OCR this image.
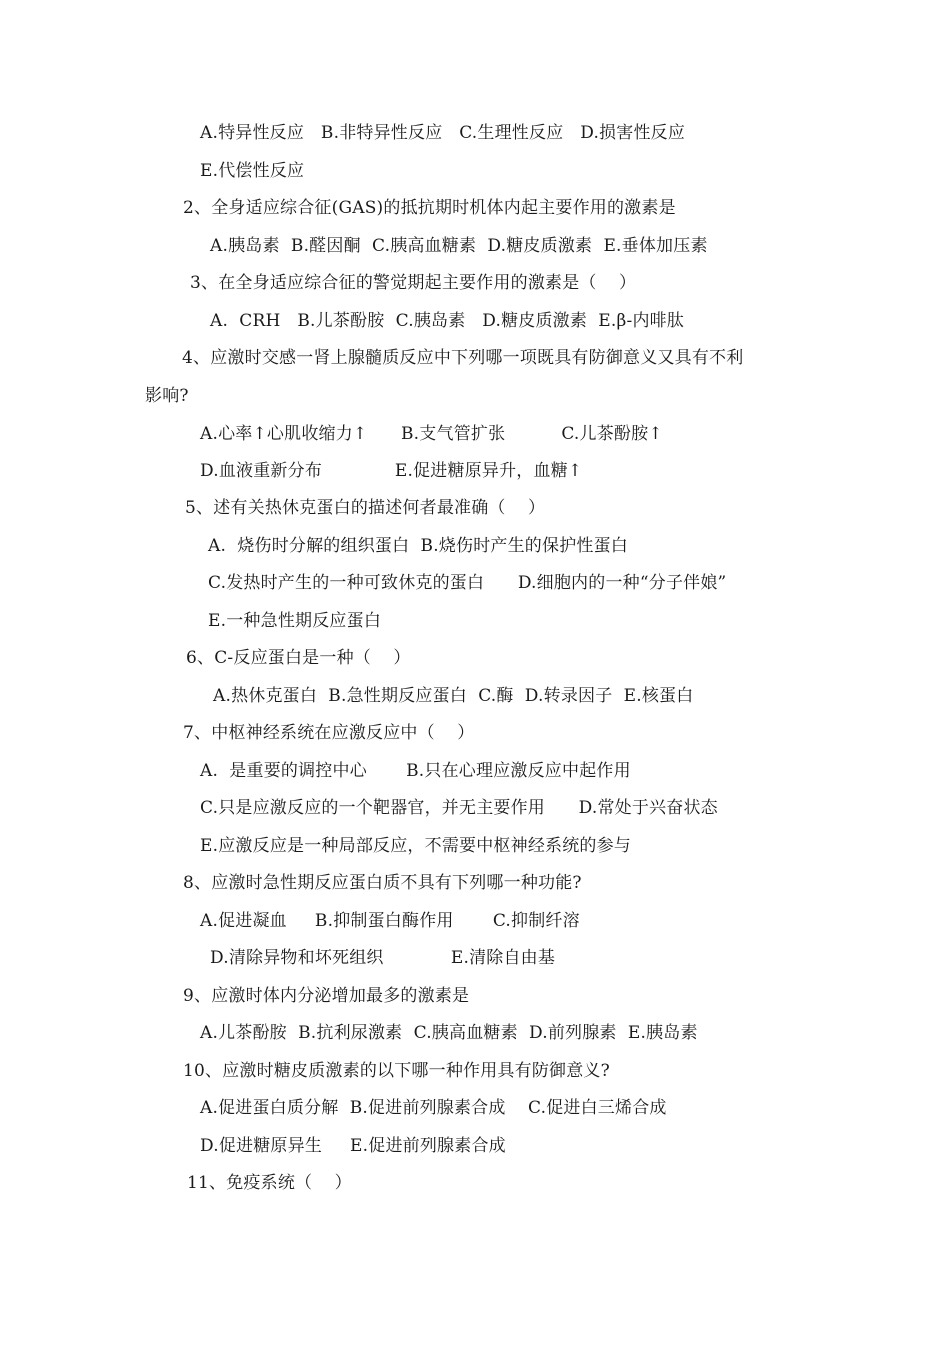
A.特异性反应   B.非特异性反应   C.生理性反应   D.损害性反应
E.代偿性反应
2、全身适应综合征(GAS)的抵抗期时机体内起主要作用的激素是
A.胰岛素  B.醛因酮  C.胰高血糖素  D.糖皮质激素  E.垂体加压素
3、在全身适应综合征的警觉期起主要作用的激素是（    ）
A.  CRH   B.儿茶酚胺  C.胰岛素   D.糖皮质激素  E.β-内啡肽
4、应激时交感一肾上腺髓质反应中下列哪一项既具有防御意义又具有不利
影响?
A.心率↑心肌收缩力↑      B.支气管扩张          C.儿茶酚胺↑
D.血液重新分布             E.促进糖原异升，血糖↑
5、述有关热休克蛋白的描述何者最准确（    ）
A.  烧伤时分解的组织蛋白  B.烧伤时产生的保护性蛋白
C.发热时产生的一种可致休克的蛋白      D.细胞内的一种“分子伴娘”
E.一种急性期反应蛋白
6、C-反应蛋白是一种（    ）
A.热休克蛋白  B.急性期反应蛋白  C.酶  D.转录因子  E.核蛋白
7、中枢神经系统在应激反应中（    ）
A.  是重要的调控中心       B.只在心理应激反应中起作用
C.只是应激反应的一个靶器官，并无主要作用      D.常处于兴奋状态
E.应激反应是一种局部反应，不需要中枢神经系统的参与
8、应激时急性期反应蛋白质不具有下列哪一种功能?
A.促进凝血     B.抑制蛋白酶作用       C.抑制纤溶
D.清除异物和坏死组织            E.清除自由基
9、应激时体内分泌增加最多的激素是
A.儿茶酚胺  B.抗利尿激素  C.胰高血糖素  D.前列腺素  E.胰岛素
10、应激时糖皮质激素的以下哪一种作用具有防御意义?
A.促进蛋白质分解  B.促进前列腺素合成    C.促进白三烯合成
D.促进糖原异生     E.促进前列腺素合成
11、免疫系统（    ）
